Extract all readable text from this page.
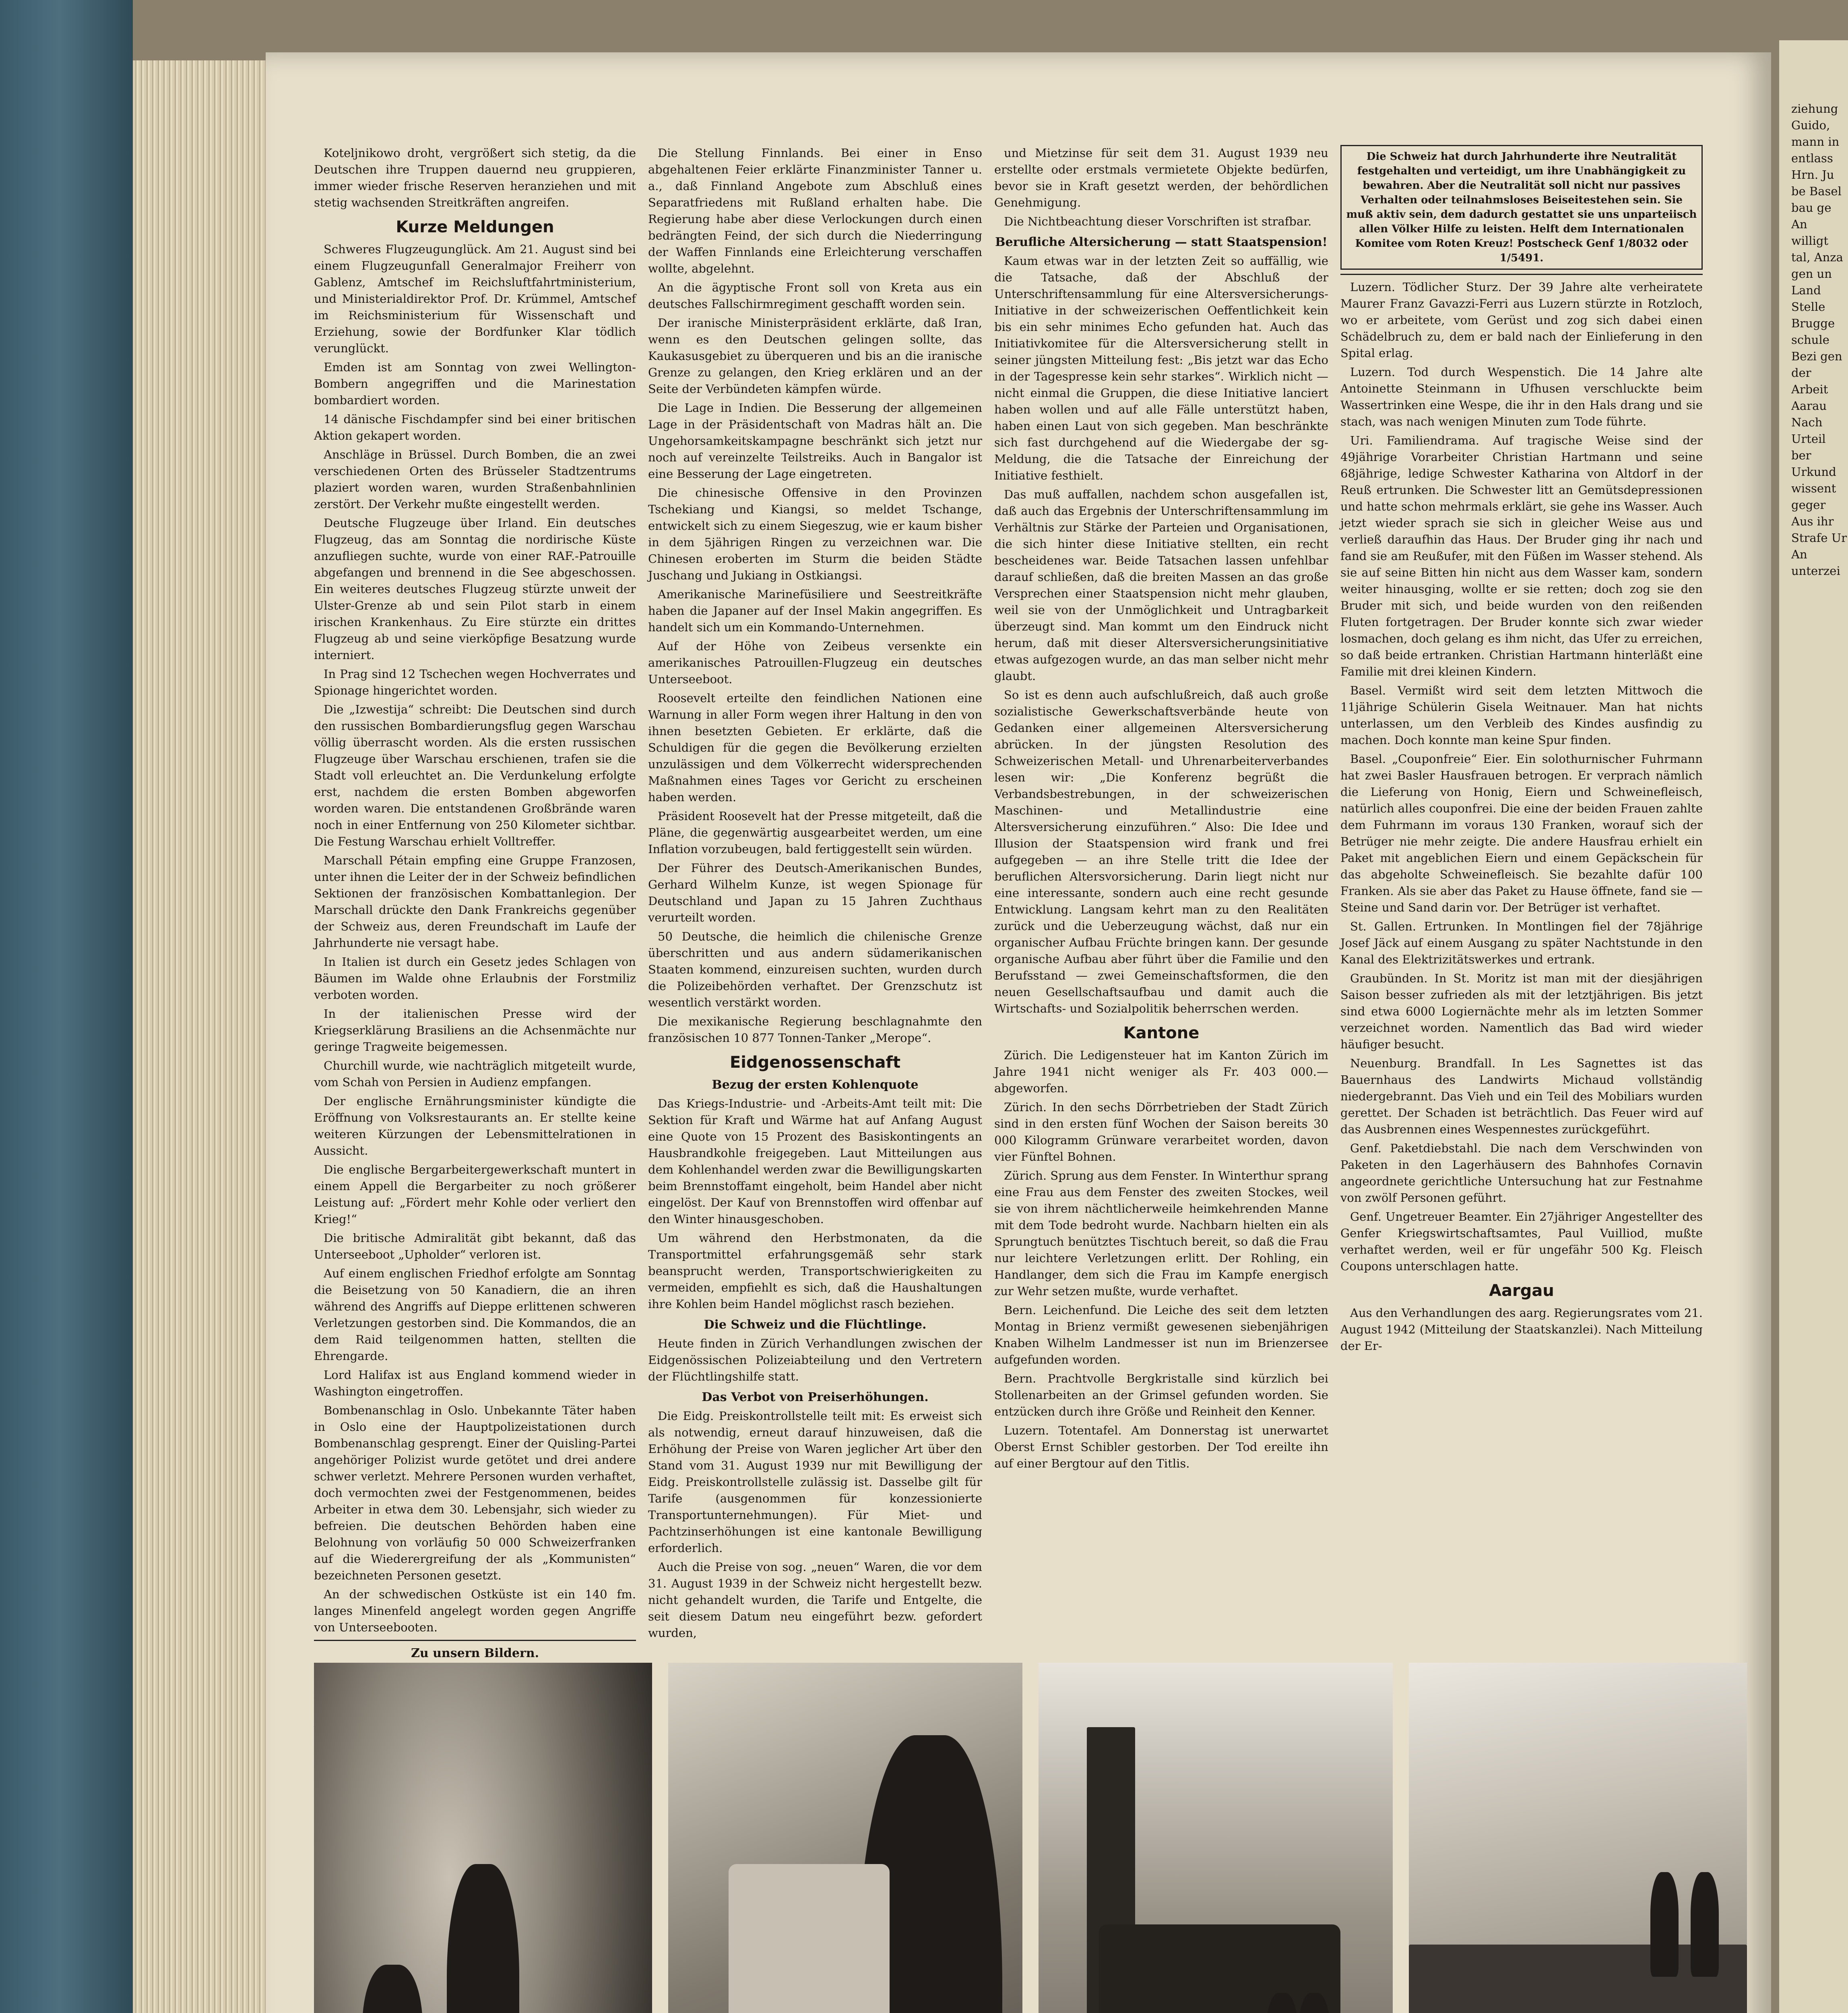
Koteljnikowo droht, vergrößert sich stetig, da die Deutschen ihre Truppen dauernd neu gruppieren, immer wieder frische Reserven heranziehen und mit stetig wachsenden Streitkräften angreifen.

Kurze Meldungen

Schweres Flugzeugunglück. Am 21. August sind bei einem Flugzeugunfall Generalmajor Freiherr von Gablenz, Amtschef im Reichsluftfahrtministerium, und Ministerialdirektor Prof. Dr. Krümmel, Amtschef im Reichsministerium für Wissenschaft und Erziehung, sowie der Bordfunker Klar tödlich verunglückt.

Emden ist am Sonntag von zwei Wellington-Bombern angegriffen und die Marinestation bombardiert worden.

14 dänische Fischdampfer sind bei einer britischen Aktion gekapert worden.

Anschläge in Brüssel. Durch Bomben, die an zwei verschiedenen Orten des Brüsseler Stadtzentrums plaziert worden waren, wurden Straßenbahnlinien zerstört. Der Verkehr mußte eingestellt werden.

Deutsche Flugzeuge über Irland. Ein deutsches Flugzeug, das am Sonntag die nordirische Küste anzufliegen suchte, wurde von einer RAF.-Patrouille abgefangen und brennend in die See abgeschossen. Ein weiteres deutsches Flugzeug stürzte unweit der Ulster-Grenze ab und sein Pilot starb in einem irischen Krankenhaus. Zu Eire stürzte ein drittes Flugzeug ab und seine vierköpfige Besatzung wurde interniert.

In Prag sind 12 Tschechen wegen Hochverrates und Spionage hingerichtet worden.

Die „Izwestija“ schreibt: Die Deutschen sind durch den russischen Bombardierungsflug gegen Warschau völlig überrascht worden. Als die ersten russischen Flugzeuge über Warschau erschienen, trafen sie die Stadt voll erleuchtet an. Die Verdunkelung erfolgte erst, nachdem die ersten Bomben abgeworfen worden waren. Die entstandenen Großbrände waren noch in einer Entfernung von 250 Kilometer sichtbar. Die Festung Warschau erhielt Volltreffer.

Marschall Pétain empfing eine Gruppe Franzosen, unter ihnen die Leiter der in der Schweiz befindlichen Sektionen der französischen Kombattanlegion. Der Marschall drückte den Dank Frankreichs gegenüber der Schweiz aus, deren Freundschaft im Laufe der Jahrhunderte nie versagt habe.

In Italien ist durch ein Gesetz jedes Schlagen von Bäumen im Walde ohne Erlaubnis der Forstmiliz verboten worden.

In der italienischen Presse wird der Kriegserklärung Brasiliens an die Achsenmächte nur geringe Tragweite beigemessen.

Churchill wurde, wie nachträglich mitgeteilt wurde, vom Schah von Persien in Audienz empfangen.

Der englische Ernährungsminister kündigte die Eröffnung von Volksrestaurants an. Er stellte keine weiteren Kürzungen der Lebensmittelrationen in Aussicht.

Die englische Bergarbeitergewerkschaft muntert in einem Appell die Bergarbeiter zu noch größerer Leistung auf: „Fördert mehr Kohle oder verliert den Krieg!“

Die britische Admiralität gibt bekannt, daß das Unterseeboot „Upholder“ verloren ist.

Auf einem englischen Friedhof erfolgte am Sonntag die Beisetzung von 50 Kanadiern, die an ihren während des Angriffs auf Dieppe erlittenen schweren Verletzungen gestorben sind. Die Kommandos, die an dem Raid teilgenommen hatten, stellten die Ehrengarde.

Lord Halifax ist aus England kommend wieder in Washington eingetroffen.

Bombenanschlag in Oslo. Unbekannte Täter haben in Oslo eine der Hauptpolizeistationen durch Bombenanschlag gesprengt. Einer der Quisling-Partei angehöriger Polizist wurde getötet und drei andere schwer verletzt. Mehrere Personen wurden verhaftet, doch vermochten zwei der Festgenommenen, beides Arbeiter in etwa dem 30. Lebensjahr, sich wieder zu befreien. Die deutschen Behörden haben eine Belohnung von vorläufig 50 000 Schweizerfranken auf die Wiederergreifung der als „Kommunisten“ bezeichneten Personen gesetzt.

An der schwedischen Ostküste ist ein 140 fm. langes Minenfeld angelegt worden gegen Angriffe von Unterseebooten.

Zu unsern Bildern.

Die Stellung Finnlands. Bei einer in Enso abgehaltenen Feier erklärte Finanzminister Tanner u. a., daß Finnland Angebote zum Abschluß eines Separatfriedens mit Rußland erhalten habe. Die Regierung habe aber diese Verlockungen durch einen bedrängten Feind, der sich durch die Niederringung der Waffen Finnlands eine Erleichterung verschaffen wollte, abgelehnt.

An die ägyptische Front soll von Kreta aus ein deutsches Fallschirmregiment geschafft worden sein.

Der iranische Ministerpräsident erklärte, daß Iran, wenn es den Deutschen gelingen sollte, das Kaukasusgebiet zu überqueren und bis an die iranische Grenze zu gelangen, den Krieg erklären und an der Seite der Verbündeten kämpfen würde.

Die Lage in Indien. Die Besserung der allgemeinen Lage in der Präsidentschaft von Madras hält an. Die Ungehorsamkeitskampagne beschränkt sich jetzt nur noch auf vereinzelte Teilstreiks. Auch in Bangalor ist eine Besserung der Lage eingetreten.

Die chinesische Offensive in den Provinzen Tschekiang und Kiangsi, so meldet Tschange, entwickelt sich zu einem Siegeszug, wie er kaum bisher in dem 5jährigen Ringen zu verzeichnen war. Die Chinesen eroberten im Sturm die beiden Städte Juschang und Jukiang in Ostkiangsi.

Amerikanische Marinefüsiliere und Seestreitkräfte haben die Japaner auf der Insel Makin angegriffen. Es handelt sich um ein Kommando-Unternehmen.

Auf der Höhe von Zeibeus versenkte ein amerikanisches Patrouillen-Flugzeug ein deutsches Unterseeboot.

Roosevelt erteilte den feindlichen Nationen eine Warnung in aller Form wegen ihrer Haltung in den von ihnen besetzten Gebieten. Er erklärte, daß die Schuldigen für die gegen die Bevölkerung erzielten unzulässigen und dem Völkerrecht widersprechenden Maßnahmen eines Tages vor Gericht zu erscheinen haben werden.

Präsident Roosevelt hat der Presse mitgeteilt, daß die Pläne, die gegenwärtig ausgearbeitet werden, um eine Inflation vorzubeugen, bald fertiggestellt sein würden.

Der Führer des Deutsch-Amerikanischen Bundes, Gerhard Wilhelm Kunze, ist wegen Spionage für Deutschland und Japan zu 15 Jahren Zuchthaus verurteilt worden.

50 Deutsche, die heimlich die chilenische Grenze überschritten und aus andern südamerikanischen Staaten kommend, einzureisen suchten, wurden durch die Polizeibehörden verhaftet. Der Grenzschutz ist wesentlich verstärkt worden.

Die mexikanische Regierung beschlagnahmte den französischen 10 877 Tonnen-Tanker „Merope“.

Eidgenossenschaft
Bezug der ersten Kohlenquote

Das Kriegs-Industrie- und -Arbeits-Amt teilt mit: Die Sektion für Kraft und Wärme hat auf Anfang August eine Quote von 15 Prozent des Basiskontingents an Hausbrandkohle freigegeben. Laut Mitteilungen aus dem Kohlenhandel werden zwar die Bewilligungskarten beim Brennstoffamt eingeholt, beim Handel aber nicht eingelöst. Der Kauf von Brennstoffen wird offenbar auf den Winter hinausgeschoben.

Um während den Herbstmonaten, da die Transportmittel erfahrungsgemäß sehr stark beansprucht werden, Transportschwierigkeiten zu vermeiden, empfiehlt es sich, daß die Haushaltungen ihre Kohlen beim Handel möglichst rasch beziehen.

Die Schweiz und die Flüchtlinge.

Heute finden in Zürich Verhandlungen zwischen der Eidgenössischen Polizeiabteilung und den Vertretern der Flüchtlingshilfe statt.

Das Verbot von Preiserhöhungen.

Die Eidg. Preiskontrollstelle teilt mit: Es erweist sich als notwendig, erneut darauf hinzuweisen, daß die Erhöhung der Preise von Waren jeglicher Art über den Stand vom 31. August 1939 nur mit Bewilligung der Eidg. Preiskontrollstelle zulässig ist. Dasselbe gilt für Tarife (ausgenommen für konzessionierte Transportunternehmungen). Für Miet- und Pachtzinserhöhungen ist eine kantonale Bewilligung erforderlich.

Auch die Preise von sog. „neuen“ Waren, die vor dem 31. August 1939 in der Schweiz nicht hergestellt bezw. nicht gehandelt wurden, die Tarife und Entgelte, die seit diesem Datum neu eingeführt bezw. gefordert wurden,

und Mietzinse für seit dem 31. August 1939 neu erstellte oder erstmals vermietete Objekte bedürfen, bevor sie in Kraft gesetzt werden, der behördlichen Genehmigung.

Die Nichtbeachtung dieser Vorschriften ist strafbar.

Berufliche Altersicherung — statt Staatspension!

Kaum etwas war in der letzten Zeit so auffällig, wie die Tatsache, daß der Abschluß der Unterschriftensammlung für eine Altersversicherungs-Initiative in der schweizerischen Oeffentlichkeit kein bis ein sehr minimes Echo gefunden hat. Auch das Initiativkomitee für die Altersversicherung stellt in seiner jüngsten Mitteilung fest: „Bis jetzt war das Echo in der Tagespresse kein sehr starkes“. Wirklich nicht — nicht einmal die Gruppen, die diese Initiative lanciert haben wollen und auf alle Fälle unterstützt haben, haben einen Laut von sich gegeben. Man beschränkte sich fast durchgehend auf die Wiedergabe der sg-Meldung, die die Tatsache der Einreichung der Initiative festhielt.

Das muß auffallen, nachdem schon ausgefallen ist, daß auch das Ergebnis der Unterschriftensammlung im Verhältnis zur Stärke der Parteien und Organisationen, die sich hinter diese Initiative stellten, ein recht bescheidenes war. Beide Tatsachen lassen unfehlbar darauf schließen, daß die breiten Massen an das große Versprechen einer Staatspension nicht mehr glauben, weil sie von der Unmöglichkeit und Untragbarkeit überzeugt sind. Man kommt um den Eindruck nicht herum, daß mit dieser Altersversicherungsinitiative etwas aufgezogen wurde, an das man selber nicht mehr glaubt.

So ist es denn auch aufschlußreich, daß auch große sozialistische Gewerkschaftsverbände heute von Gedanken einer allgemeinen Altersversicherung abrücken. In der jüngsten Resolution des Schweizerischen Metall- und Uhrenarbeiterverbandes lesen wir: „Die Konferenz begrüßt die Verbandsbestrebungen, in der schweizerischen Maschinen- und Metallindustrie eine Altersversicherung einzuführen.“ Also: Die Idee und Illusion der Staatspension wird frank und frei aufgegeben — an ihre Stelle tritt die Idee der beruflichen Altersvorsicherung. Darin liegt nicht nur eine interessante, sondern auch eine recht gesunde Entwicklung. Langsam kehrt man zu den Realitäten zurück und die Ueberzeugung wächst, daß nur ein organischer Aufbau Früchte bringen kann. Der gesunde organische Aufbau aber führt über die Familie und den Berufsstand — zwei Gemeinschaftsformen, die den neuen Gesellschaftsaufbau und damit auch die Wirtschafts- und Sozialpolitik beherrschen werden.

Kantone

Zürich. Die Ledigensteuer hat im Kanton Zürich im Jahre 1941 nicht weniger als Fr. 403 000.— abgeworfen.

Zürich. In den sechs Dörrbetrieben der Stadt Zürich sind in den ersten fünf Wochen der Saison bereits 30 000 Kilogramm Grünware verarbeitet worden, davon vier Fünftel Bohnen.

Zürich. Sprung aus dem Fenster. In Winterthur sprang eine Frau aus dem Fenster des zweiten Stockes, weil sie von ihrem nächtlicherweile heimkehrenden Manne mit dem Tode bedroht wurde. Nachbarn hielten ein als Sprungtuch benütztes Tischtuch bereit, so daß die Frau nur leichtere Verletzungen erlitt. Der Rohling, ein Handlanger, dem sich die Frau im Kampfe energisch zur Wehr setzen mußte, wurde verhaftet.

Bern. Leichenfund. Die Leiche des seit dem letzten Montag in Brienz vermißt gewesenen siebenjährigen Knaben Wilhelm Landmesser ist nun im Brienzersee aufgefunden worden.

Bern. Prachtvolle Bergkristalle sind kürzlich bei Stollenarbeiten an der Grimsel gefunden worden. Sie entzücken durch ihre Größe und Reinheit den Kenner.

Luzern. Totentafel. Am Donnerstag ist unerwartet Oberst Ernst Schibler gestorben. Der Tod ereilte ihn auf einer Bergtour auf den Titlis.

Die Schweiz hat durch Jahrhunderte ihre Neutralität festgehalten und verteidigt, um ihre Unabhängigkeit zu bewahren. Aber die Neutralität soll nicht nur passives Verhalten oder teilnahmsloses Beiseitestehen sein. Sie muß aktiv sein, dem dadurch gestattet sie uns unparteiisch allen Völker Hilfe zu leisten. Helft dem Internationalen Komitee vom Roten Kreuz! Postscheck Genf 1/8032 oder 1/5491.

Luzern. Tödlicher Sturz. Der 39 Jahre alte verheiratete Maurer Franz Gavazzi-Ferri aus Luzern stürzte in Rotzloch, wo er arbeitete, vom Gerüst und zog sich dabei einen Schädelbruch zu, dem er bald nach der Einlieferung in den Spital erlag.

Luzern. Tod durch Wespenstich. Die 14 Jahre alte Antoinette Steinmann in Ufhusen verschluckte beim Wassertrinken eine Wespe, die ihr in den Hals drang und sie stach, was nach wenigen Minuten zum Tode führte.

Uri. Familiendrama. Auf tragische Weise sind der 49jährige Vorarbeiter Christian Hartmann und seine 68jährige, ledige Schwester Katharina von Altdorf in der Reuß ertrunken. Die Schwester litt an Gemütsdepressionen und hatte schon mehrmals erklärt, sie gehe ins Wasser. Auch jetzt wieder sprach sie sich in gleicher Weise aus und verließ daraufhin das Haus. Der Bruder ging ihr nach und fand sie am Reußufer, mit den Füßen im Wasser stehend. Als sie auf seine Bitten hin nicht aus dem Wasser kam, sondern weiter hinausging, wollte er sie retten; doch zog sie den Bruder mit sich, und beide wurden von den reißenden Fluten fortgetragen. Der Bruder konnte sich zwar wieder losmachen, doch gelang es ihm nicht, das Ufer zu erreichen, so daß beide ertranken. Christian Hartmann hinterläßt eine Familie mit drei kleinen Kindern.

Basel. Vermißt wird seit dem letzten Mittwoch die 11jährige Schülerin Gisela Weitnauer. Man hat nichts unterlassen, um den Verbleib des Kindes ausfindig zu machen. Doch konnte man keine Spur finden.

Basel. „Couponfreie“ Eier. Ein solothurnischer Fuhrmann hat zwei Basler Hausfrauen betrogen. Er verprach nämlich die Lieferung von Honig, Eiern und Schweinefleisch, natürlich alles couponfrei. Die eine der beiden Frauen zahlte dem Fuhrmann im voraus 130 Franken, worauf sich der Betrüger nie mehr zeigte. Die andere Hausfrau erhielt ein Paket mit angeblichen Eiern und einem Gepäckschein für das abgeholte Schweinefleisch. Sie bezahlte dafür 100 Franken. Als sie aber das Paket zu Hause öffnete, fand sie — Steine und Sand darin vor. Der Betrüger ist verhaftet.

St. Gallen. Ertrunken. In Montlingen fiel der 78jährige Josef Jäck auf einem Ausgang zu später Nachtstunde in den Kanal des Elektrizitätswerkes und ertrank.

Graubünden. In St. Moritz ist man mit der diesjährigen Saison besser zufrieden als mit der letztjährigen. Bis jetzt sind etwa 6000 Logiernächte mehr als im letzten Sommer verzeichnet worden. Namentlich das Bad wird wieder häufiger besucht.

Neuenburg. Brandfall. In Les Sagnettes ist das Bauernhaus des Landwirts Michaud vollständig niedergebrannt. Das Vieh und ein Teil des Mobiliars wurden gerettet. Der Schaden ist beträchtlich. Das Feuer wird auf das Ausbrennen eines Wespennestes zurückgeführt.

Genf. Paketdiebstahl. Die nach dem Verschwinden von Paketen in den Lagerhäusern des Bahnhofes Cornavin angeordnete gerichtliche Untersuchung hat zur Festnahme von zwölf Personen geführt.

Genf. Ungetreuer Beamter. Ein 27jähriger Angestellter des Genfer Kriegswirtschaftsamtes, Paul Vuilliod, mußte verhaftet werden, weil er für ungefähr 500 Kg. Fleisch Coupons unterschlagen hatte.

Aargau

Aus den Verhandlungen des aarg. Regierungsrates vom 21. August 1942 (Mitteilung der Staatskanzlei). Nach Mitteilung der Er-

ziehung Guido, mann in entlass Hrn. Ju be Basel bau ge An willigt tal, Anza gen un Land Stelle Brugge schule Bezi gen der Arbeit Aarau Nach Urteil ber Urkund wissent geger Aus ihr Strafe Ur An unterzei
